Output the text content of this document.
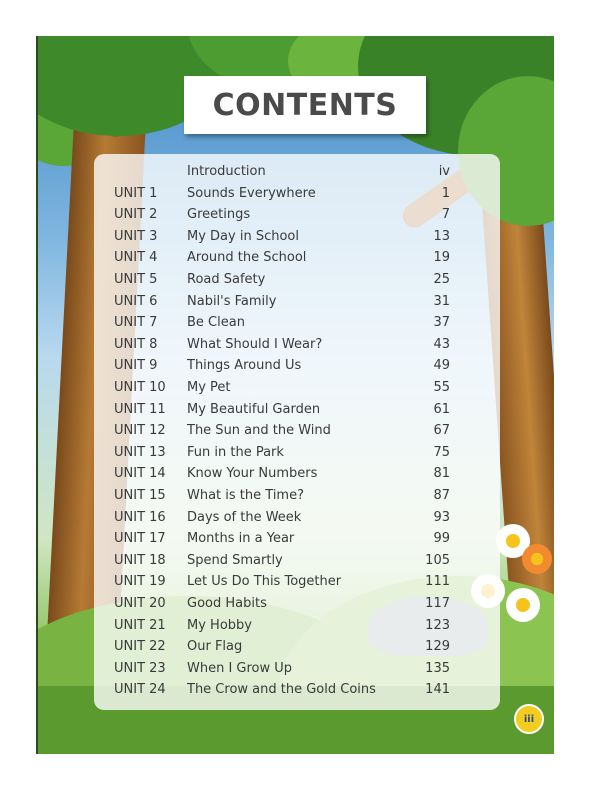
CONTENTS
Introduction	iv
UNIT 1	Sounds Everywhere	1
UNIT 2	Greetings	7
UNIT 3	My Day in School	13
UNIT 4	Around the School	19
UNIT 5	Road Safety	25
UNIT 6	Nabil's Family	31
UNIT 7	Be Clean	37
UNIT 8	What Should I Wear?	43
UNIT 9	Things Around Us	49
UNIT 10	My Pet	55
UNIT 11	My Beautiful Garden	61
UNIT 12	The Sun and the Wind	67
UNIT 13	Fun in the Park	75
UNIT 14	Know Your Numbers	81
UNIT 15	What is the Time?	87
UNIT 16	Days of the Week	93
UNIT 17	Months in a Year	99
UNIT 18	Spend Smartly	105
UNIT 19	Let Us Do This Together	111
UNIT 20	Good Habits	117
UNIT 21	My Hobby	123
UNIT 22	Our Flag	129
UNIT 23	When I Grow Up	135
UNIT 24	The Crow and the Gold Coins	141
iii
